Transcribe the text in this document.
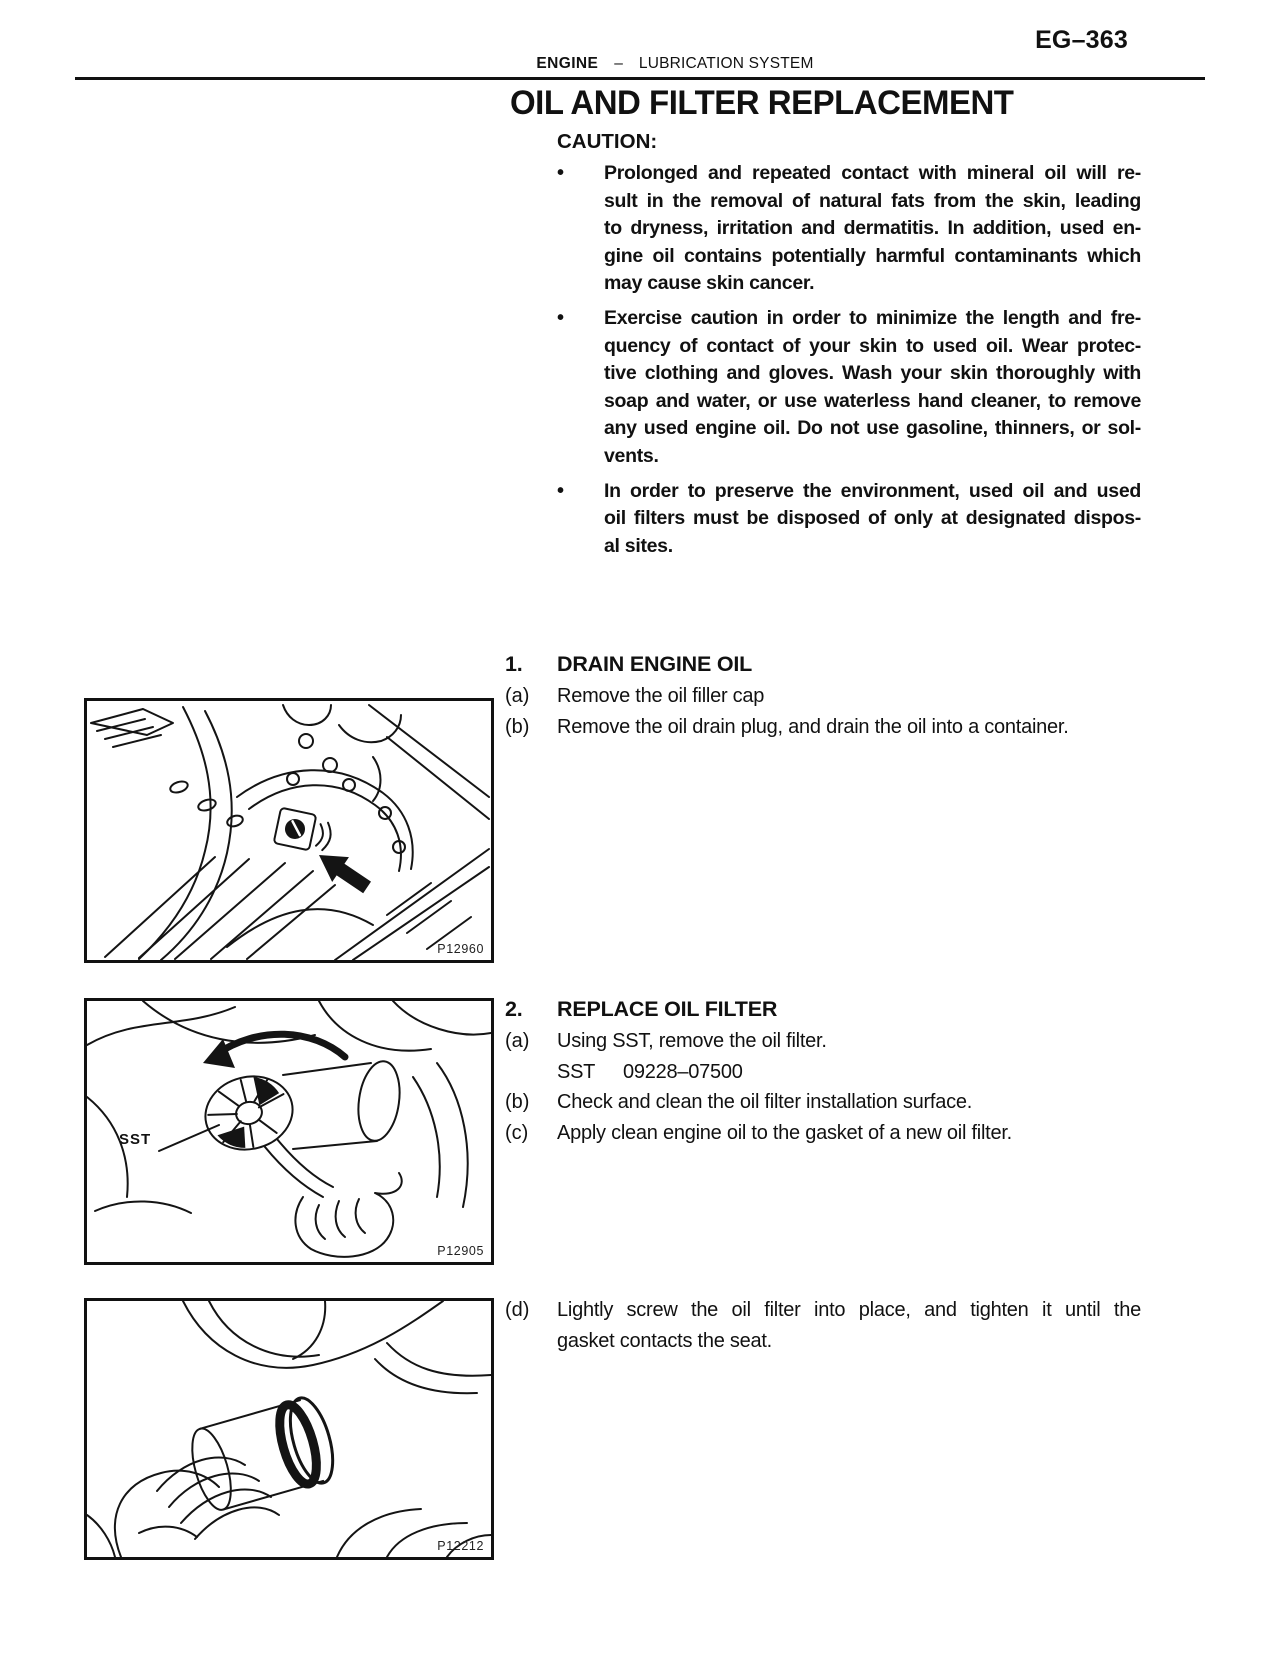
EG–363
ENGINE – LUBRICATION SYSTEM
OIL AND FILTER REPLACEMENT
CAUTION:
•	Prolonged and repeated contact with mineral oil will re-
sult in the removal of natural fats from the skin, leading
to dryness, irritation and dermatitis. In addition, used en-
gine oil contains potentially harmful contaminants which
may cause skin cancer.
•	Exercise caution in order to minimize the length and fre-
quency of contact of your skin to used oil. Wear protec-
tive clothing and gloves. Wash your skin thoroughly with
soap and water, or use waterless hand cleaner, to remove
any used engine oil. Do not use gasoline, thinners, or sol-
vents.
•	In order to preserve the environment, used oil and used
oil filters must be disposed of only at designated dispos-
al sites.
1.	DRAIN ENGINE OIL
(a)	Remove the oil filler cap
(b)	Remove the oil drain plug, and drain the oil into a container.
2.	REPLACE OIL FILTER
(a)	Using SST, remove the oil filter.
SST 09228–07500
(b)	Check and clean the oil filter installation surface.
(c)	Apply clean engine oil to the gasket of a new oil filter.
(d)	Lightly screw the oil filter into place, and tighten it until the
gasket contacts the seat.
P12960
SST
P12905
P12212
